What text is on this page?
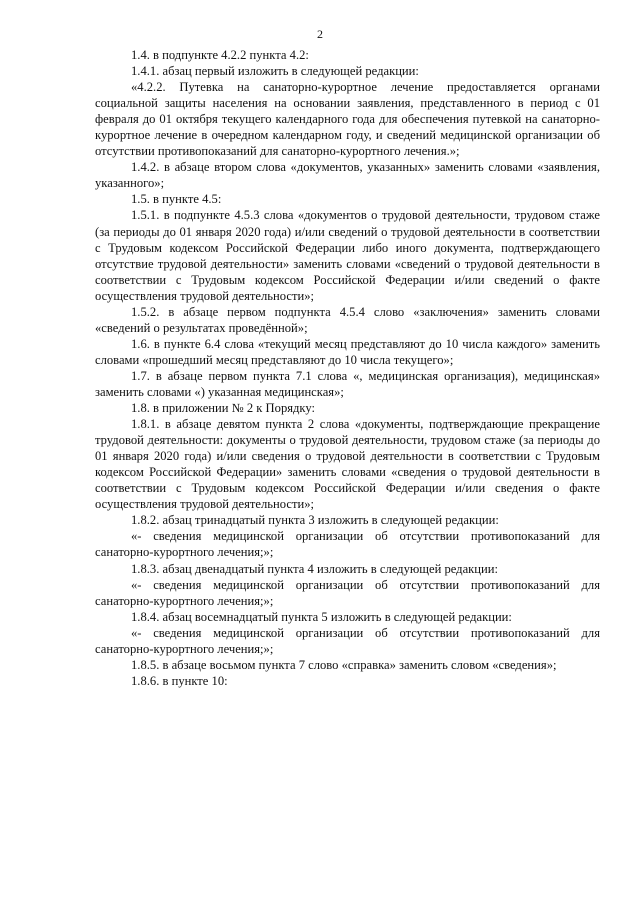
2

1.4. в подпункте 4.2.2 пункта 4.2:

1.4.1. абзац первый изложить в следующей редакции:

«4.2.2. Путевка на санаторно-курортное лечение предоставляется органами социальной защиты населения на основании заявления, представленного в период с 01 февраля до 01 октября текущего календарного года для обеспечения путевкой на санаторно-курортное лечение в очередном календарном году, и сведений медицинской организации об отсутствии противопоказаний для санаторно-курортного лечения.»;

1.4.2. в абзаце втором слова «документов, указанных» заменить словами «заявления, указанного»;

1.5. в пункте 4.5:

1.5.1. в подпункте 4.5.3 слова «документов о трудовой деятельности, трудовом стаже (за периоды до 01 января 2020 года) и/или сведений о трудовой деятельности в соответствии с Трудовым кодексом Российской Федерации либо иного документа, подтверждающего отсутствие трудовой деятельности» заменить словами «сведений о трудовой деятельности в соответствии с Трудовым кодексом Российской Федерации и/или сведений о факте осуществления трудовой деятельности»;

1.5.2. в абзаце первом подпункта 4.5.4 слово «заключения» заменить словами «сведений о результатах проведённой»;

1.6. в пункте 6.4 слова «текущий месяц представляют до 10 числа каждого» заменить словами «прошедший месяц представляют до 10 числа текущего»;

1.7. в абзаце первом пункта 7.1 слова «, медицинская организация), медицинская» заменить словами «) указанная медицинская»;

1.8. в приложении № 2 к Порядку:

1.8.1. в абзаце девятом пункта 2 слова «документы, подтверждающие прекращение трудовой деятельности: документы о трудовой деятельности, трудовом стаже (за периоды до 01 января 2020 года) и/или сведения о трудовой деятельности в соответствии с Трудовым кодексом Российской Федерации» заменить словами «сведения о трудовой деятельности в соответствии с Трудовым кодексом Российской Федерации и/или сведения о факте осуществления трудовой деятельности»;

1.8.2. абзац тринадцатый пункта 3 изложить в следующей редакции:

«- сведения медицинской организации об отсутствии противопоказаний для санаторно-курортного лечения;»;

1.8.3. абзац двенадцатый пункта 4 изложить в следующей редакции:

«- сведения медицинской организации об отсутствии противопоказаний для санаторно-курортного лечения;»;

1.8.4. абзац восемнадцатый пункта 5 изложить в следующей редакции:

«- сведения медицинской организации об отсутствии противопоказаний для санаторно-курортного лечения;»;

1.8.5. в абзаце восьмом пункта 7 слово «справка» заменить словом «сведения»;

1.8.6. в пункте 10:
